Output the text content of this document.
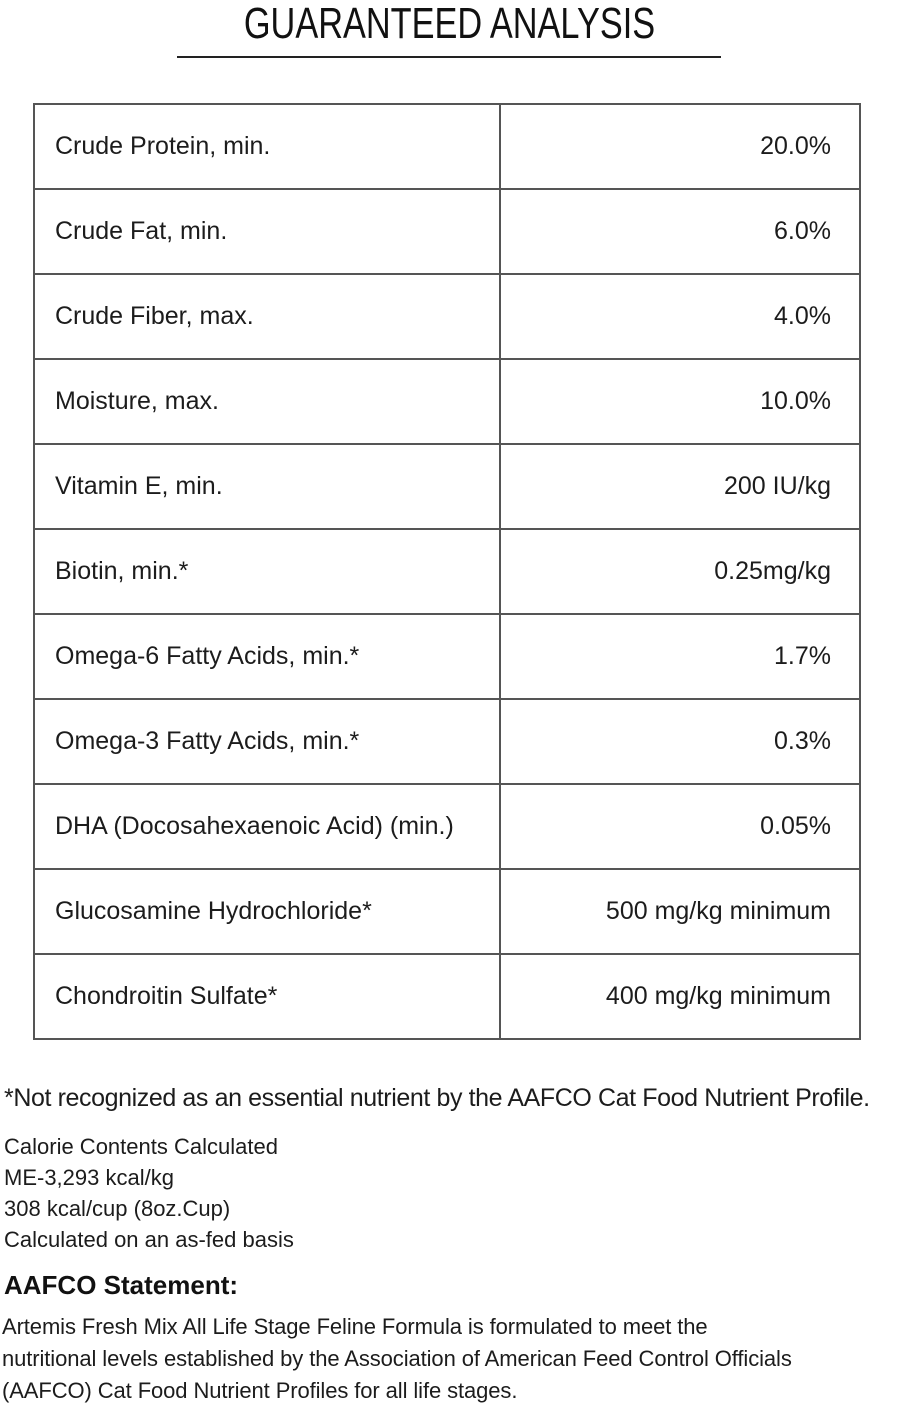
GUARANTEED ANALYSIS
Crude Protein, min.	20.0%
Crude Fat, min.	6.0%
Crude Fiber, max.	4.0%
Moisture, max.	10.0%
Vitamin E, min.	200 IU/kg
Biotin, min.*	0.25mg/kg
Omega-6 Fatty Acids, min.*	1.7%
Omega-3 Fatty Acids, min.*	0.3%
DHA (Docosahexaenoic Acid) (min.)	0.05%
Glucosamine Hydrochloride*	500 mg/kg minimum
Chondroitin Sulfate*	400 mg/kg minimum
*Not recognized as an essential nutrient by the AAFCO Cat Food Nutrient Profile.
Calorie Contents Calculated
ME-3,293 kcal/kg
308 kcal/cup (8oz.Cup)
Calculated on an as-fed basis
AAFCO Statement:
Artemis Fresh Mix All Life Stage Feline Formula is formulated to meet the
nutritional levels established by the Association of American Feed Control Officials
(AAFCO) Cat Food Nutrient Profiles for all life stages.
